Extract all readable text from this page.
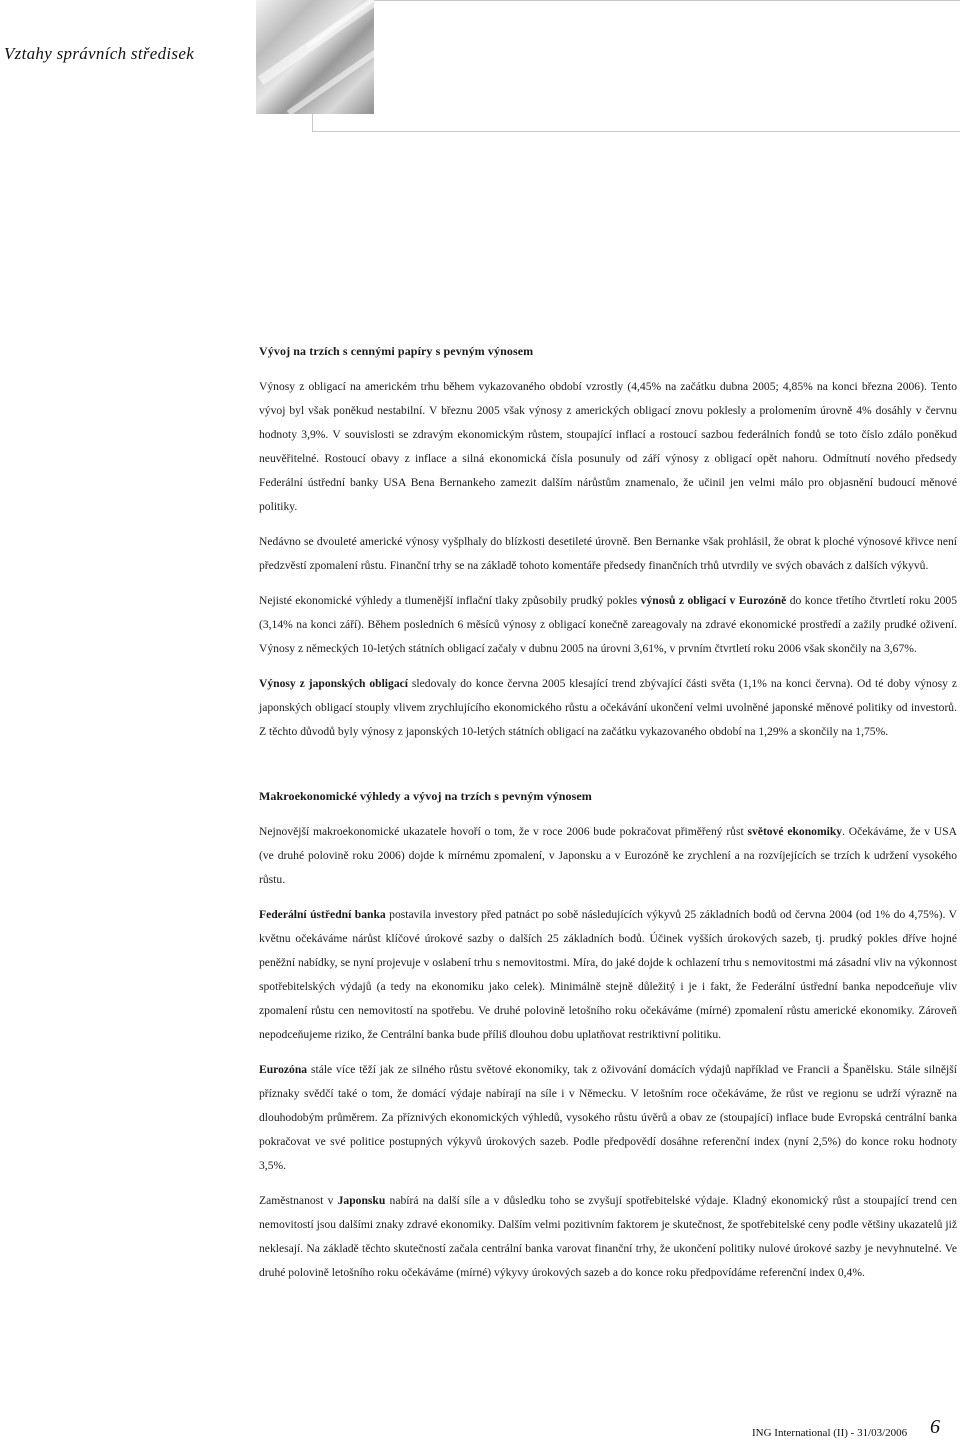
Vztahy správních středisek
Vývoj na trzích s cennými papíry s pevným výnosem

Výnosy z obligací na americkém trhu během vykazovaného období vzrostly (4,45% na začátku dubna 2005; 4,85% na konci března 2006). Tento vývoj byl však poněkud nestabilní. V březnu 2005 však výnosy z amerických obligací znovu poklesly a prolomením úrovně 4% dosáhly v červnu hodnoty 3,9%. V souvislosti se zdravým ekonomickým růstem, stoupající inflací a rostoucí sazbou federálních fondů se toto číslo zdálo poněkud neuvěřitelné. Rostoucí obavy z inflace a silná ekonomická čísla posunuly od září výnosy z obligací opět nahoru. Odmítnutí nového předsedy Federální ústřední banky USA Bena Bernankeho zamezit dalším nárůstům znamenalo, že učinil jen velmi málo pro objasnění budoucí měnové politiky.

Nedávno se dvouleté americké výnosy vyšplhaly do blízkosti desetileté úrovně. Ben Bernanke však prohlásil, že obrat k ploché výnosové křivce není předzvěstí zpomalení růstu. Finanční trhy se na základě tohoto komentáře předsedy finančních trhů utvrdily ve svých obavách z dalších výkyvů.

Nejisté ekonomické výhledy a tlumenější inflační tlaky způsobily prudký pokles výnosů z obligací v Eurozóně do konce třetího čtvrtletí roku 2005 (3,14% na konci září). Během posledních 6 měsíců výnosy z obligací konečně zareagovaly na zdravé ekonomické prostředí a zažily prudké oživení. Výnosy z německých 10-letých státních obligací začaly v dubnu 2005 na úrovni 3,61%, v prvním čtvrtletí roku 2006 však skončily na 3,67%.

Výnosy z japonských obligací sledovaly do konce června 2005 klesající trend zbývající části světa (1,1% na konci června). Od té doby výnosy z japonských obligací stouply vlivem zrychlujícího ekonomického růstu a očekávání ukončení velmi uvolněné japonské měnové politiky od investorů. Z těchto důvodů byly výnosy z japonských 10-letých státních obligací na začátku vykazovaného období na 1,29% a skončily na 1,75%.

Makroekonomické výhledy a vývoj na trzích s pevným výnosem

Nejnovější makroekonomické ukazatele hovoří o tom, že v roce 2006 bude pokračovat přiměřený růst světové ekonomiky. Očekáváme, že v USA (ve druhé polovině roku 2006) dojde k mírnému zpomalení, v Japonsku a v Eurozóně ke zrychlení a na rozvíjejících se trzích k udržení vysokého růstu.

Federální ústřední banka postavila investory před patnáct po sobě následujících výkyvů 25 základních bodů od června 2004 (od 1% do 4,75%). V květnu očekáváme nárůst klíčové úrokové sazby o dalších 25 základních bodů. Účinek vyšších úrokových sazeb, tj. prudký pokles dříve hojné peněžní nabídky, se nyní projevuje v oslabení trhu s nemovitostmi. Míra, do jaké dojde k ochlazení trhu s nemovitostmi má zásadní vliv na výkonnost spotřebitelských výdajů (a tedy na ekonomiku jako celek). Minimálně stejně důležitý i je i fakt, že Federální ústřední banka nepodceňuje vliv zpomalení růstu cen nemovitostí na spotřebu. Ve druhé polovině letošního roku očekáváme (mírné) zpomalení růstu americké ekonomiky. Zároveň nepodceňujeme riziko, že Centrální banka bude příliš dlouhou dobu uplatňovat restriktivní politiku.

Eurozóna stále více těží jak ze silného růstu světové ekonomiky, tak z oživování domácích výdajů například ve Francii a Španělsku. Stále silnější příznaky svědčí také o tom, že domácí výdaje nabírají na síle i v Německu. V letošním roce očekáváme, že růst ve regionu se udrží výrazně na dlouhodobým průměrem. Za příznivých ekonomických výhledů, vysokého růstu úvěrů a obav ze (stoupající) inflace bude Evropská centrální banka pokračovat ve své politice postupných výkyvů úrokových sazeb. Podle předpovědí dosáhne referenční index (nyní 2,5%) do konce roku hodnoty 3,5%.

Zaměstnanost v Japonsku nabírá na další síle a v důsledku toho se zvyšují spotřebitelské výdaje. Kladný ekonomický růst a stoupající trend cen nemovitostí jsou dalšími znaky zdravé ekonomiky. Dalším velmi pozitivním faktorem je skutečnost, že spotřebitelské ceny podle většiny ukazatelů již neklesají. Na základě těchto skutečností začala centrální banka varovat finanční trhy, že ukončení politiky nulové úrokové sazby je nevyhnutelné. Ve druhé polovině letošního roku očekáváme (mírné) výkyvy úrokových sazeb a do konce roku předpovídáme referenční index 0,4%.

ING International (II) - 31/03/2006 6
